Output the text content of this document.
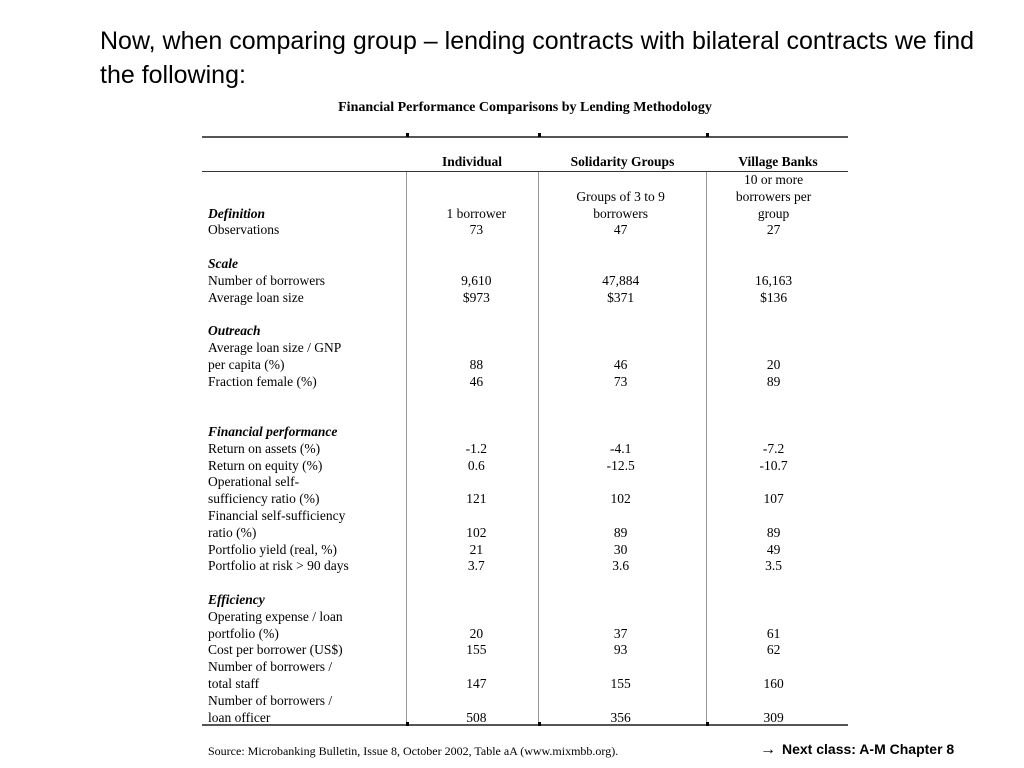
Now, when comparing group – lending contracts with bilateral contracts we find the following:
Financial Performance Comparisons by Lending Methodology
Individual	Solidarity Groups	Village Banks
			10 or more
		Groups of 3 to 9	borrowers per
Definition	1 borrower	borrowers	group
Observations	73	47	27

Scale			
Number of borrowers	9,610	47,884	16,163
Average loan size	$973	$371	$136

Outreach			
Average loan size / GNP			
per capita (%)	88	46	20
Fraction female (%)	46	73	89

Financial performance			
Return on assets (%)	-1.2	-4.1	-7.2
Return on equity (%)	0.6	-12.5	-10.7
Operational self-			
sufficiency ratio (%)	121	102	107
Financial self-sufficiency			
ratio (%)	102	89	89
Portfolio yield (real, %)	21	30	49
Portfolio at risk > 90 days	3.7	3.6	3.5

Efficiency			
Operating expense / loan			
portfolio (%)	20	37	61
Cost per borrower (US$)	155	93	62
Number of borrowers /			
total staff	147	155	160
Number of borrowers /			
loan officer	508	356	309
Source: Microbanking Bulletin, Issue 8, October 2002, Table aA (www.mixmbb.org).	→ Next class: A-M Chapter 8
